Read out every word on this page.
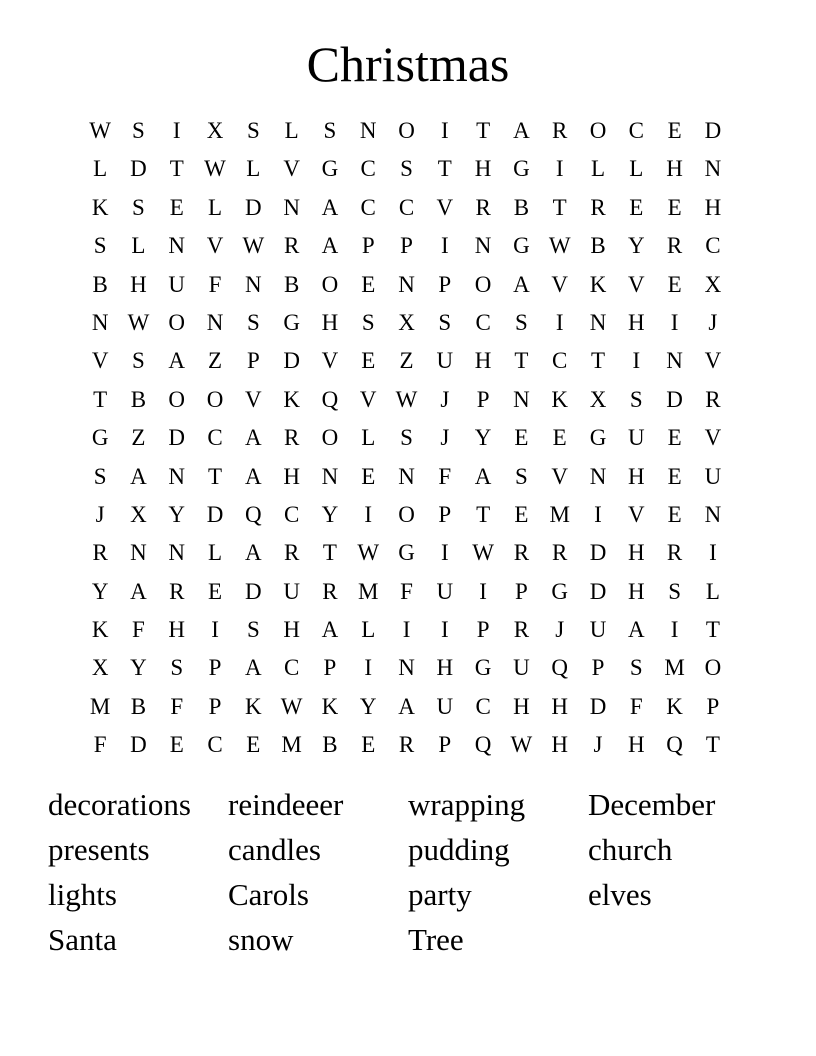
Christmas
W S	I	X	S	L	S	N O	I	T A R O C	E D
L D T W L V G C	S	T H G	I	L	L H N
K	S	E	L D N A C C V R B	T	R	E	E H
S	L N V W R A	P	P	I	N G W B Y R C
B H U	F	N B O E N	P	O A V K V E X
N W O N	S	G H	S	X	S	C	S	I	N H	I	J
V	S	A Z	P	D V E	Z U H T	C	T	I	N V
T	B O O V K Q V W J	P	N K X	S	D R
G Z D C A R O L	S	J	Y E	E G U E V
S	A N T A H N E N	F	A	S	V N H E U
J	X Y D Q C Y	I	O	P	T	E M	I	V E N
R N N L A R	T W G	I	W R R D H R	I
Y A R	E D U R M F	U	I	P	G D H	S	L
K	F	H	I	S	H A L	I	I	P	R	J	U A	I	T
X Y	S	P	A C	P	I	N H G U Q	P	S M O
M B	F	P	K W K Y A U C H H D	F	K	P
F	D E	C	E M B	E	R	P	Q W H	J	H Q T
decorations	reindeeer	wrapping	December
presents	candles	pudding	church
lights	Carols	party	elves
Santa	snow	Tree
